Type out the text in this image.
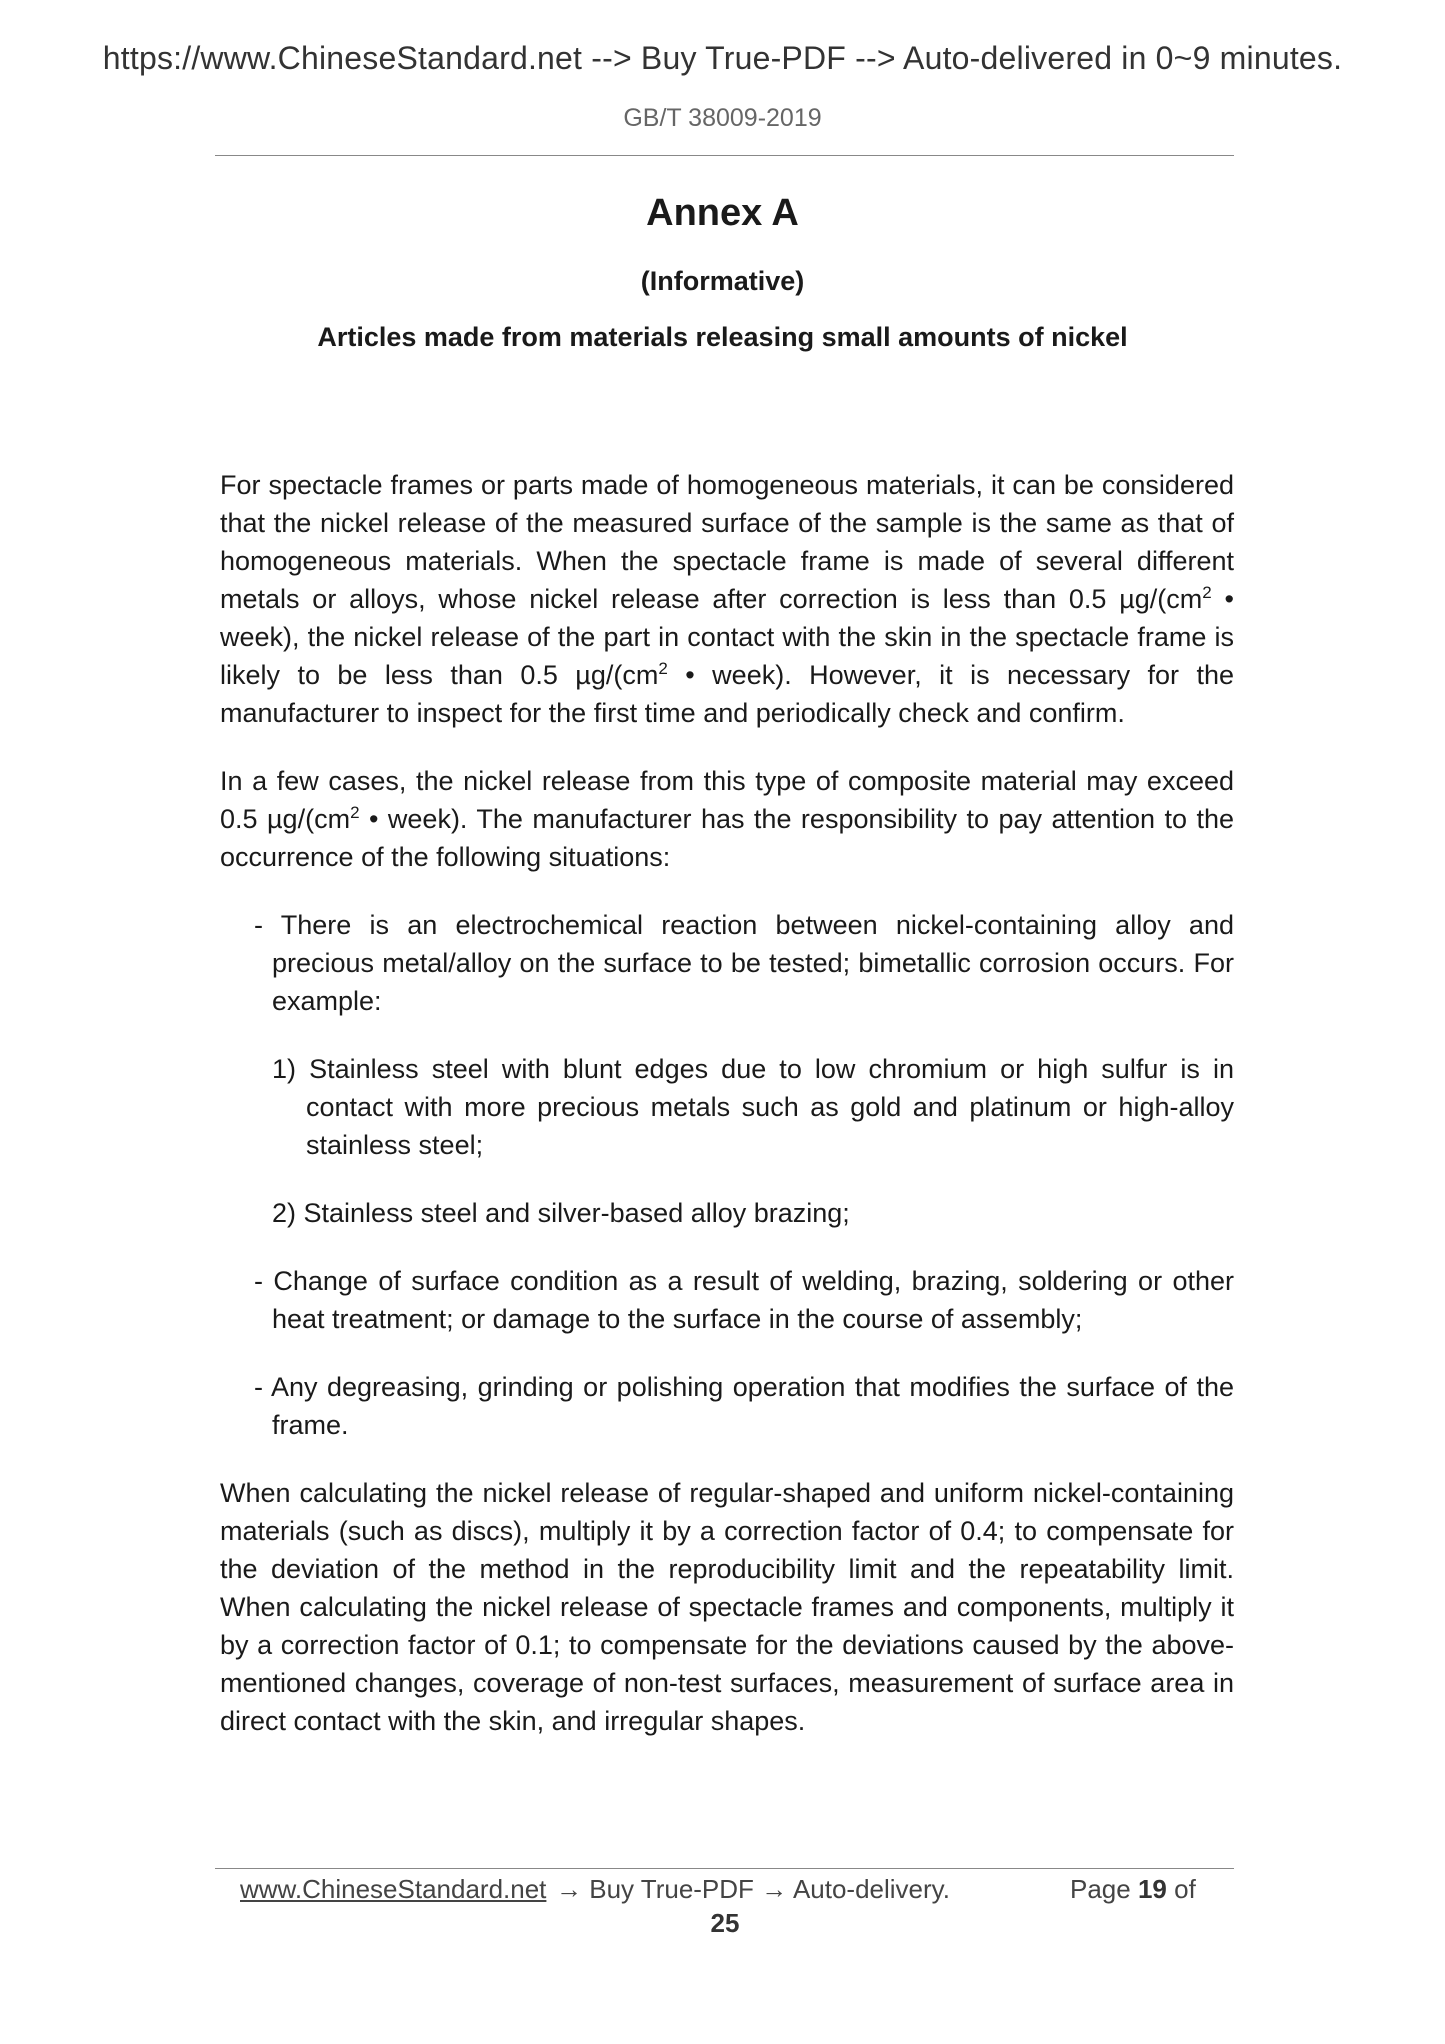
https://www.ChineseStandard.net --> Buy True-PDF --> Auto-delivered in 0~9 minutes.
GB/T 38009-2019
Annex A
(Informative)
Articles made from materials releasing small amounts of nickel

For spectacle frames or parts made of homogeneous materials, it can be considered that the nickel release of the measured surface of the sample is the same as that of homogeneous materials. When the spectacle frame is made of several different metals or alloys, whose nickel release after correction is less than 0.5 $\mu g/(cm^2$ • week), the nickel release of the part in contact with the skin in the spectacle frame is likely to be less than 0.5 $\mu g/(cm^2$ • week). However, it is necessary for the manufacturer to inspect for the first time and periodically check and confirm.

In a few cases, the nickel release from this type of composite material may exceed 0.5 $\mu g/(cm^2$ • week). The manufacturer has the responsibility to pay attention to the occurrence of the following situations:

- There is an electrochemical reaction between nickel-containing alloy and precious metal/alloy on the surface to be tested; bimetallic corrosion occurs. For example:

1) Stainless steel with blunt edges due to low chromium or high sulfur is in contact with more precious metals such as gold and platinum or high-alloy stainless steel;

2) Stainless steel and silver-based alloy brazing;

- Change of surface condition as a result of welding, brazing, soldering or other heat treatment; or damage to the surface in the course of assembly;

- Any degreasing, grinding or polishing operation that modifies the surface of the frame.

When calculating the nickel release of regular-shaped and uniform nickel-containing materials (such as discs), multiply it by a correction factor of 0.4; to compensate for the deviation of the method in the reproducibility limit and the repeatability limit. When calculating the nickel release of spectacle frames and components, multiply it by a correction factor of 0.1; to compensate for the deviations caused by the above-mentioned changes, coverage of non-test surfaces, measurement of surface area in direct contact with the skin, and irregular shapes.

www.ChineseStandard.net → Buy True-PDF → Auto-delivery.	Page 19 of
25
